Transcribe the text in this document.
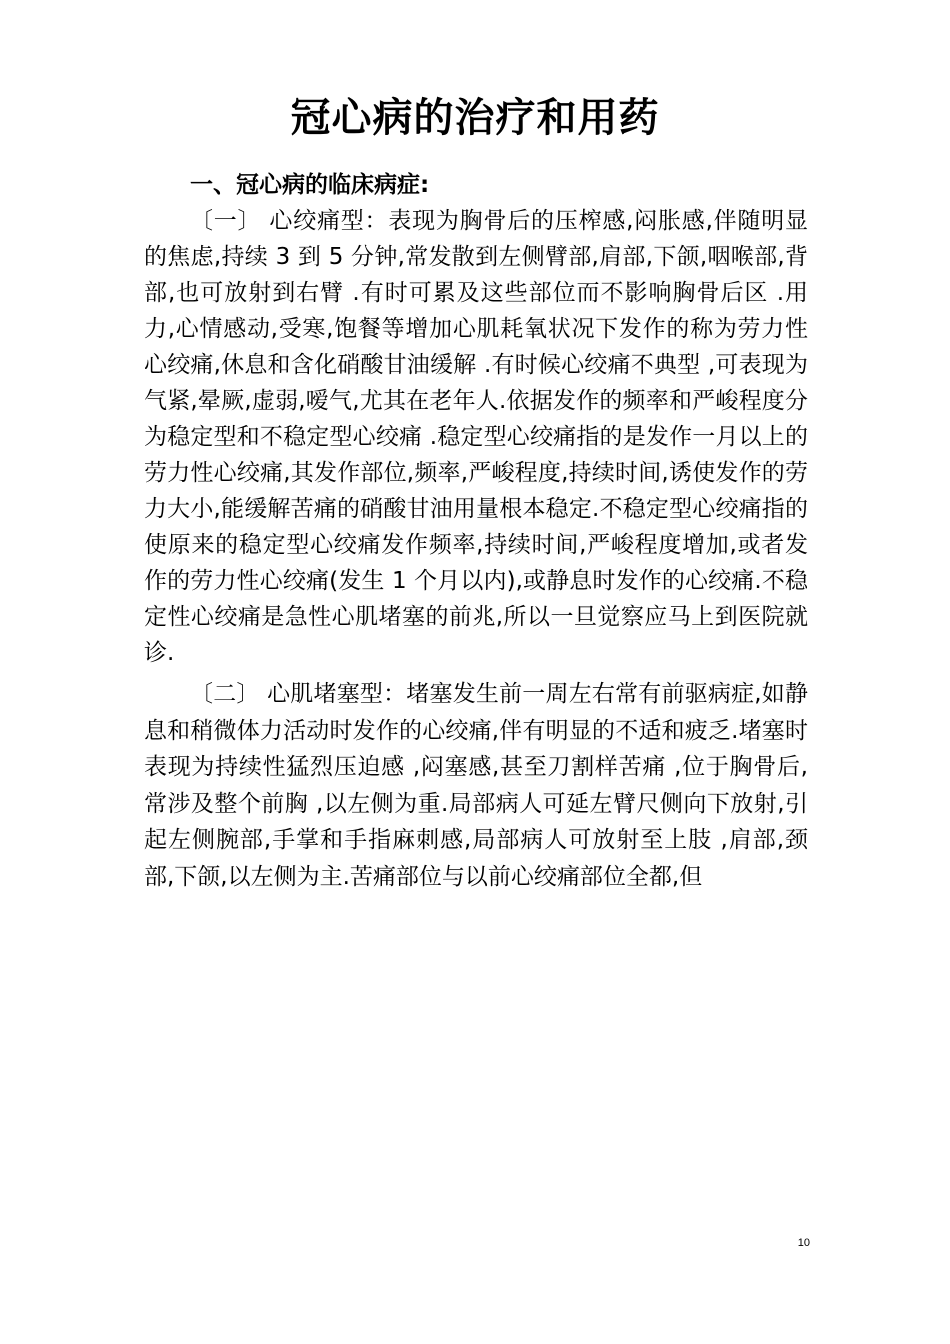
冠心病的治疗和用药
一、冠心病的临床病症:

〔一〕 心绞痛型：表现为胸骨后的压榨感,闷胀感,伴随明显的焦虑,持续 3 到 5 分钟,常发散到左侧臂部,肩部,下颌,咽喉部,背部,也可放射到右臂 .有时可累及这些部位而不影响胸骨后区 .用力,心情感动,受寒,饱餐等增加心肌耗氧状况下发作的称为劳力性心绞痛,休息和含化硝酸甘油缓解 .有时候心绞痛不典型 ,可表现为气紧,晕厥,虚弱,嗳气,尤其在老年人.依据发作的频率和严峻程度分为稳定型和不稳定型心绞痛 .稳定型心绞痛指的是发作一月以上的劳力性心绞痛,其发作部位,频率,严峻程度,持续时间,诱使发作的劳力大小,能缓解苦痛的硝酸甘油用量根本稳定.不稳定型心绞痛指的使原来的稳定型心绞痛发作频率,持续时间,严峻程度增加,或者发作的劳力性心绞痛(发生 1 个月以内),或静息时发作的心绞痛.不稳定性心绞痛是急性心肌堵塞的前兆,所以一旦觉察应马上到医院就诊.

〔二〕 心肌堵塞型：堵塞发生前一周左右常有前驱病症,如静息和稍微体力活动时发作的心绞痛,伴有明显的不适和疲乏.堵塞时表现为持续性猛烈压迫感 ,闷塞感,甚至刀割样苦痛 ,位于胸骨后,常涉及整个前胸 ,以左侧为重.局部病人可延左臂尺侧向下放射,引起左侧腕部,手掌和手指麻刺感,局部病人可放射至上肢 ,肩部,颈部,下颌,以左侧为主.苦痛部位与以前心绞痛部位全都,但

10
